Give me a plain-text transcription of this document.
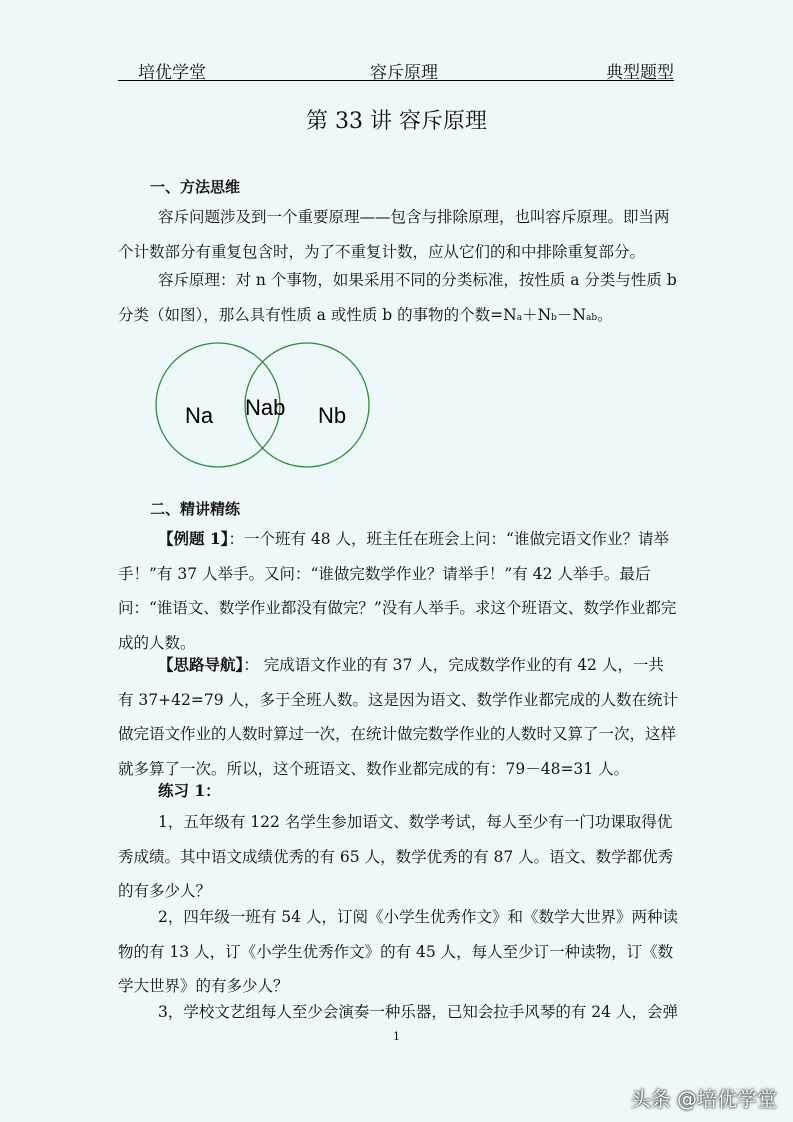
培优学堂	容斥原理	典型题型
第 33 讲 容斥原理
一、方法思维

容斥问题涉及到一个重要原理——包含与排除原理，也叫容斥原理。即当两个计数部分有重复包含时，为了不重复计数，应从它们的和中排除重复部分。

容斥原理：对 n 个事物，如果采用不同的分类标准，按性质 a 分类与性质 b 分类（如图），那么具有性质 a 或性质 b 的事物的个数=Na＋Nb－Nab。

Na Nab Nb
二、精讲精练

【例题 1】：一个班有 48 人，班主任在班会上问：“谁做完语文作业？请举手！”有 37 人举手。又问：“谁做完数学作业？请举手！”有 42 人举手。最后问：“谁语文、数学作业都没有做完？”没有人举手。求这个班语文、数学作业都完成的人数。

【思路导航】： 完成语文作业的有 37 人，完成数学作业的有 42 人，一共有 37+42=79 人，多于全班人数。这是因为语文、数学作业都完成的人数在统计做完语文作业的人数时算过一次，在统计做完数学作业的人数时又算了一次，这样就多算了一次。所以，这个班语文、数作业都完成的有：79－48=31 人。

练习 1：

1，五年级有 122 名学生参加语文、数学考试，每人至少有一门功课取得优秀成绩。其中语文成绩优秀的有 65 人，数学优秀的有 87 人。语文、数学都优秀的有多少人？

2，四年级一班有 54 人，订阅《小学生优秀作文》和《数学大世界》两种读物的有 13 人，订《小学生优秀作文》的有 45 人，每人至少订一种读物，订《数学大世界》的有多少人？

3，学校文艺组每人至少会演奏一种乐器，已知会拉手风琴的有 24 人，会弹

1
头条 @培优学堂
